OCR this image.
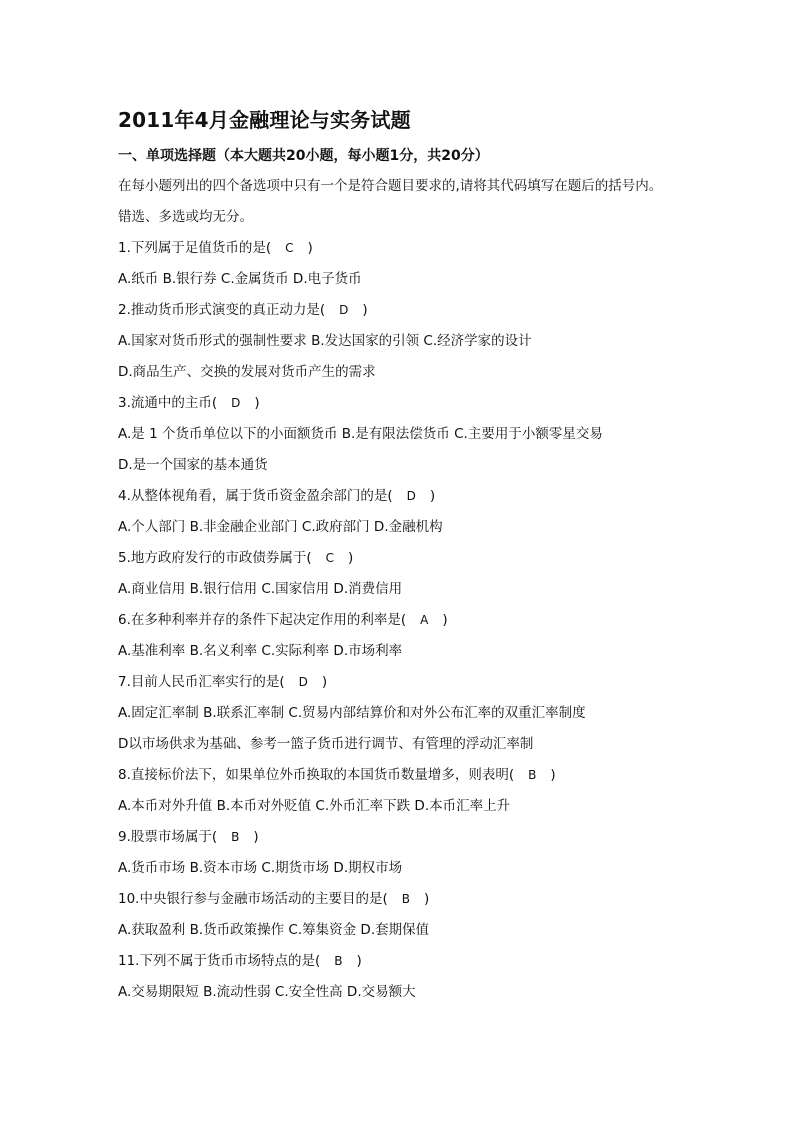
2011年4月金融理论与实务试题
一、单项选择题（本大题共20小题，每小题1分，共20分）
在每小题列出的四个备选项中只有一个是符合题目要求的,请将其代码填写在题后的括号内。
错选、多选或均无分。
1.下列属于足值货币的是( C )
A.纸币 B.银行券 C.金属货币 D.电子货币
2.推动货币形式演变的真正动力是( D )
A.国家对货币形式的强制性要求 B.发达国家的引领 C.经济学家的设计
D.商品生产、交换的发展对货币产生的需求
3.流通中的主币( D )
A.是 1 个货币单位以下的小面额货币 B.是有限法偿货币 C.主要用于小额零星交易
D.是一个国家的基本通货
4.从整体视角看，属于货币资金盈余部门的是( D )
A.个人部门 B.非金融企业部门 C.政府部门 D.金融机构
5.地方政府发行的市政债券属于( C )
A.商业信用 B.银行信用 C.国家信用 D.消费信用
6.在多种利率并存的条件下起决定作用的利率是( A )
A.基准利率 B.名义利率 C.实际利率 D.市场利率
7.目前人民币汇率实行的是( D )
A.固定汇率制 B.联系汇率制 C.贸易内部结算价和对外公布汇率的双重汇率制度
D以市场供求为基础、参考一篮子货币进行调节、有管理的浮动汇率制
8.直接标价法下，如果单位外币换取的本国货币数量增多，则表明( B )
A.本币对外升值 B.本币对外贬值 C.外币汇率下跌 D.本币汇率上升
9.股票市场属于( B )
A.货币市场 B.资本市场 C.期货市场 D.期权市场
10.中央银行参与金融市场活动的主要目的是( B )
A.获取盈利 B.货币政策操作 C.筹集资金 D.套期保值
11.下列不属于货币市场特点的是( B )
A.交易期限短 B.流动性弱 C.安全性高 D.交易额大
